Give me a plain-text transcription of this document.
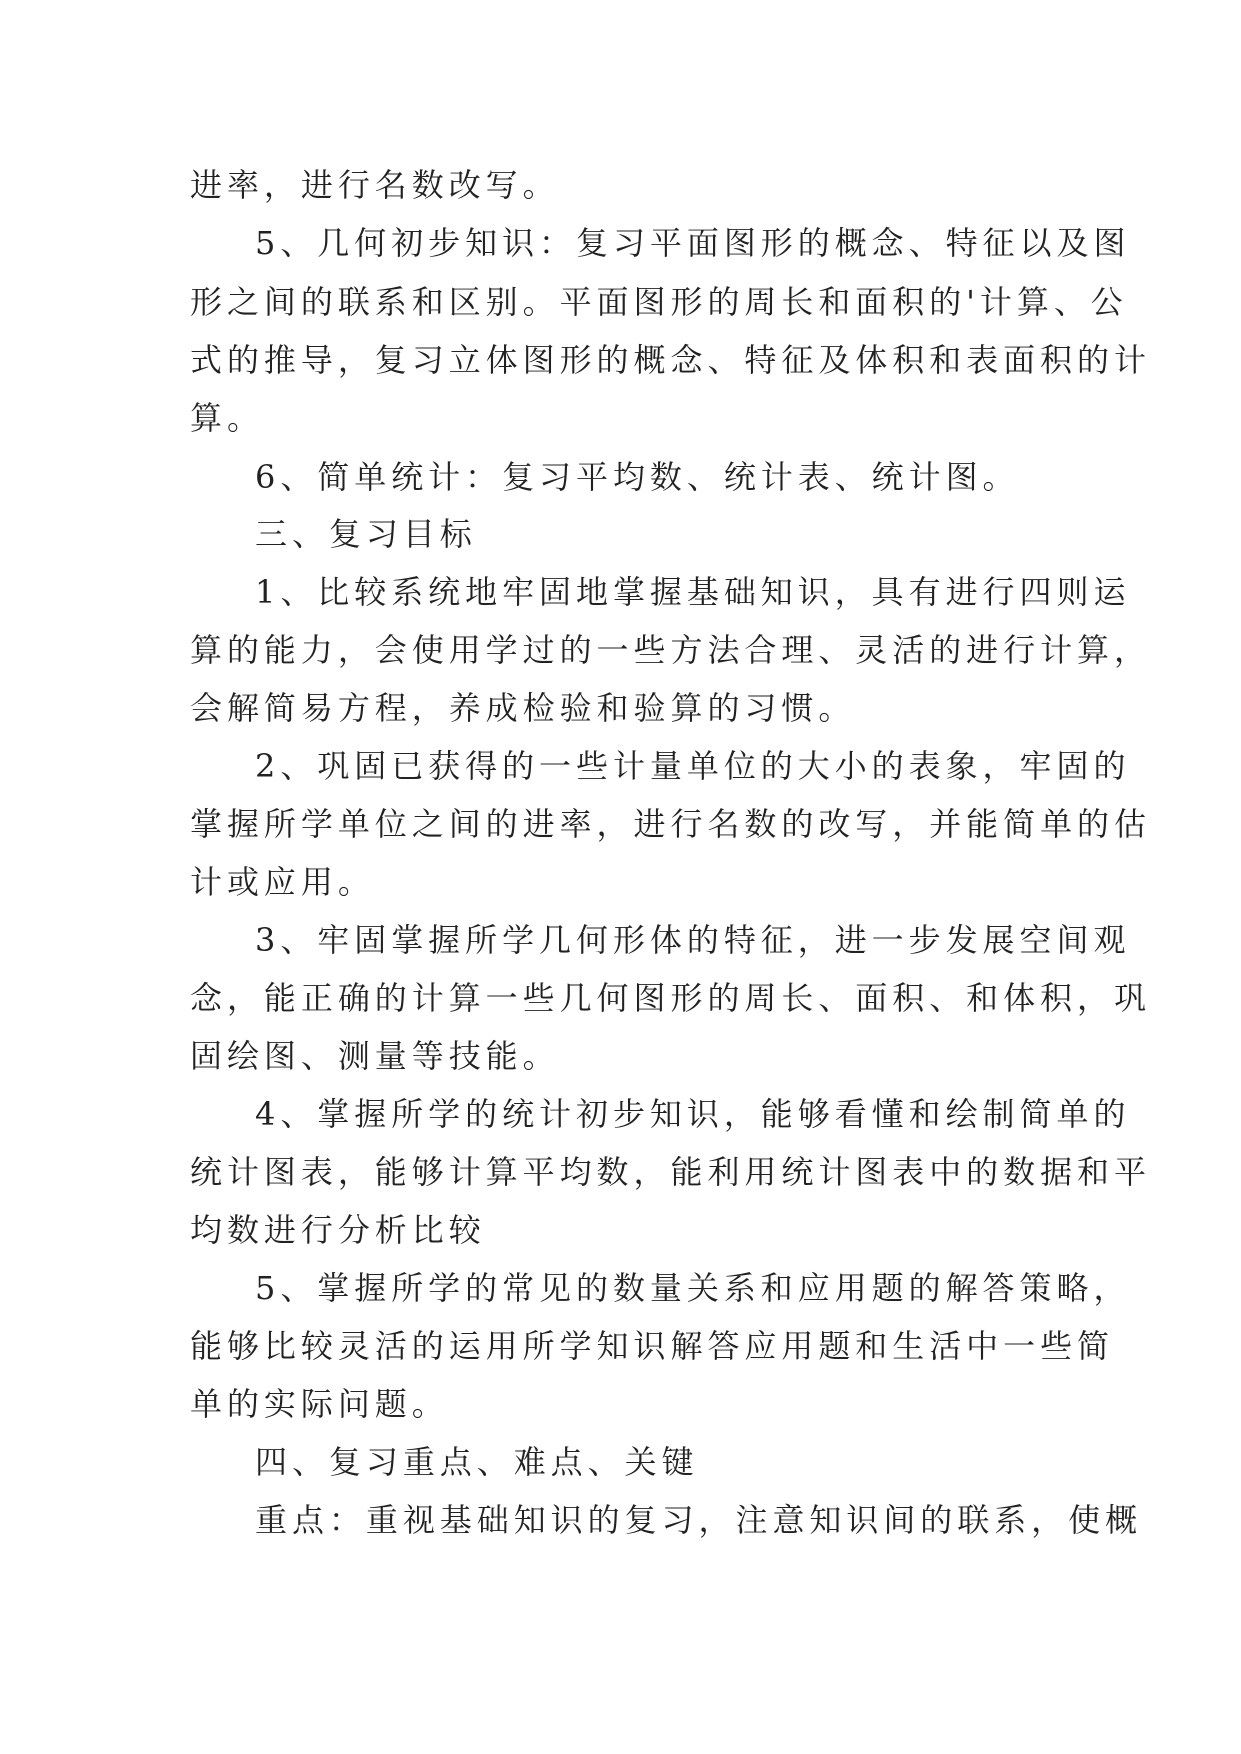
进率，进行名数改写。
5、几何初步知识：复习平面图形的概念、特征以及图
形之间的联系和区别。平面图形的周长和面积的'计算、公
式的推导，复习立体图形的概念、特征及体积和表面积的计
算。
6、简单统计：复习平均数、统计表、统计图。
三、复习目标
1、比较系统地牢固地掌握基础知识，具有进行四则运
算的能力，会使用学过的一些方法合理、灵活的进行计算，
会解简易方程，养成检验和验算的习惯。
2、巩固已获得的一些计量单位的大小的表象，牢固的
掌握所学单位之间的进率，进行名数的改写，并能简单的估
计或应用。
3、牢固掌握所学几何形体的特征，进一步发展空间观
念，能正确的计算一些几何图形的周长、面积、和体积，巩
固绘图、测量等技能。
4、掌握所学的统计初步知识，能够看懂和绘制简单的
统计图表，能够计算平均数，能利用统计图表中的数据和平
均数进行分析比较
5、掌握所学的常见的数量关系和应用题的解答策略，
能够比较灵活的运用所学知识解答应用题和生活中一些简
单的实际问题。
四、复习重点、难点、关键
重点：重视基础知识的复习，注意知识间的联系，使概
